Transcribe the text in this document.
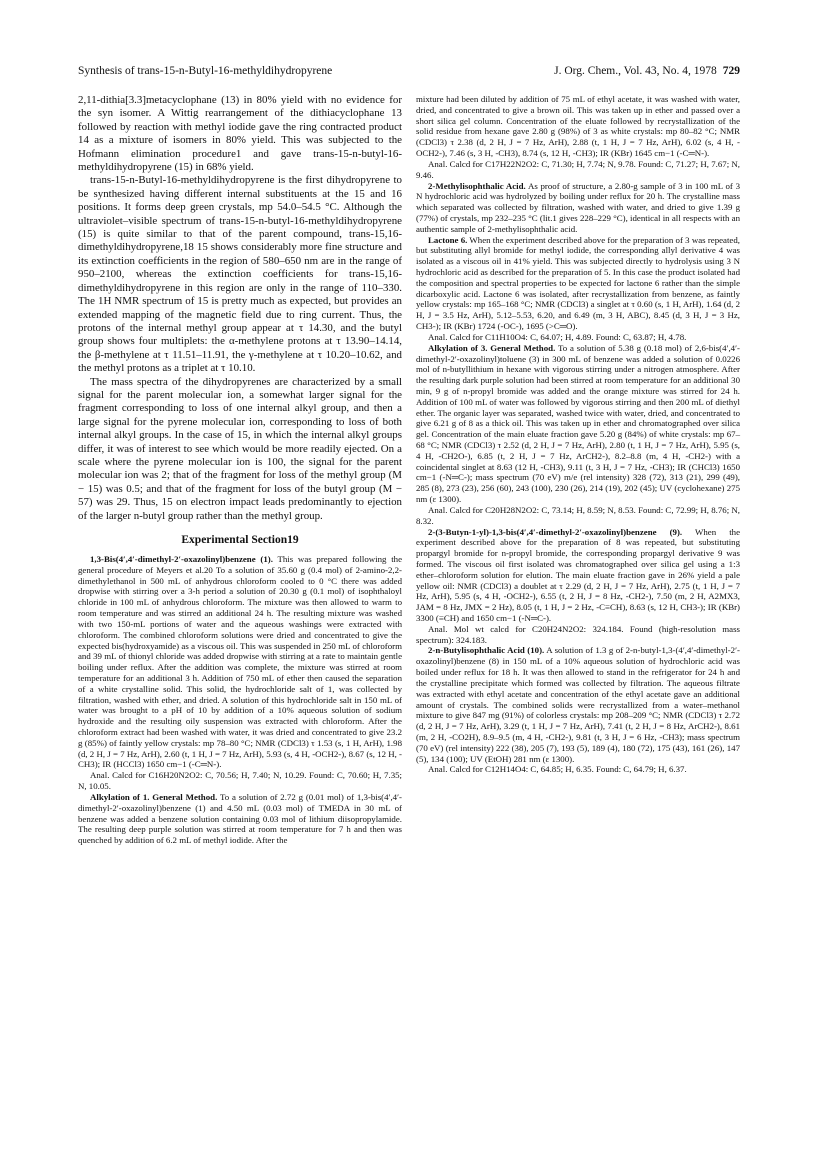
Synthesis of trans-15-n-Butyl-16-methyldihydropyrene	J. Org. Chem., Vol. 43, No. 4, 1978 729

2,11-dithia[3.3]metacyclophane (13) in 80% yield with no evidence for the syn isomer. A Wittig rearrangement of the dithiacyclophane 13 followed by reaction with methyl iodide gave the ring contracted product 14 as a mixture of isomers in 80% yield. This was subjected to the Hofmann elimination procedure1 and gave trans-15-n-butyl-16-methyldihydropyrene (15) in 68% yield.

trans-15-n-Butyl-16-methyldihydropyrene is the first dihydropyrene to be synthesized having different internal substituents at the 15 and 16 positions. It forms deep green crystals, mp 54.0–54.5 °C. Although the ultraviolet–visible spectrum of trans-15-n-butyl-16-methyldihydropyrene (15) is quite similar to that of the parent compound, trans-15,16-dimethyldihydropyrene,18 15 shows considerably more fine structure and its extinction coefficients in the region of 580–650 nm are in the range of 950–2100, whereas the extinction coefficients for trans-15,16-dimethyldihydropyrene in this region are only in the range of 110–330. The 1H NMR spectrum of 15 is pretty much as expected, but provides an extended mapping of the magnetic field due to ring current. Thus, the protons of the internal methyl group appear at τ 14.30, and the butyl group shows four multiplets: the α-methylene protons at τ 13.90–14.14, the β-methylene at τ 11.51–11.91, the γ-methylene at τ 10.20–10.62, and the methyl protons as a triplet at τ 10.10.

The mass spectra of the dihydropyrenes are characterized by a small signal for the parent molecular ion, a somewhat larger signal for the fragment corresponding to loss of one internal alkyl group, and then a large signal for the pyrene molecular ion, corresponding to loss of both internal alkyl groups. In the case of 15, in which the internal alkyl groups differ, it was of interest to see which would be more readily ejected. On a scale where the pyrene molecular ion is 100, the signal for the parent molecular ion was 2; that of the fragment for loss of the methyl group (M − 15) was 0.5; and that of the fragment for loss of the butyl group (M − 57) was 29. Thus, 15 on electron impact leads predominantly to ejection of the larger n-butyl group rather than the methyl group.

Experimental Section19

1,3-Bis(4′,4′-dimethyl-2′-oxazolinyl)benzene (1). This was prepared following the general procedure of Meyers et al.20 To a solution of 35.60 g (0.4 mol) of 2-amino-2,2-dimethylethanol in 500 mL of anhydrous chloroform cooled to 0 °C there was added dropwise with stirring over a 3-h period a solution of 20.30 g (0.1 mol) of isophthaloyl chloride in 100 mL of anhydrous chloroform. The mixture was then allowed to warm to room temperature and was stirred an additional 24 h. The resulting mixture was washed with two 150-mL portions of water and the aqueous washings were extracted with chloroform. The combined chloroform solutions were dried and concentrated to give the expected bis(hydroxyamide) as a viscous oil. This was suspended in 250 mL of chloroform and 39 mL of thionyl chloride was added dropwise with stirring at a rate to maintain gentle boiling under reflux. After the addition was complete, the mixture was stirred at room temperature for an additional 3 h. Addition of 750 mL of ether then caused the separation of a white crystalline solid. This solid, the hydrochloride salt of 1, was collected by filtration, washed with ether, and dried. A solution of this hydrochloride salt in 150 mL of water was brought to a pH of 10 by addition of a 10% aqueous solution of sodium hydroxide and the resulting oily suspension was extracted with chloroform. After the chloroform extract had been washed with water, it was dried and concentrated to give 23.2 g (85%) of faintly yellow crystals: mp 78–80 °C; NMR (CDCl3) τ 1.53 (s, 1 H, ArH), 1.98 (d, 2 H, J = 7 Hz, ArH), 2.60 (t, 1 H, J = 7 Hz, ArH), 5.93 (s, 4 H, -OCH2-), 8.67 (s, 12 H, -CH3); IR (HCCl3) 1650 cm−1 (-C═N-).

Anal. Calcd for C16H20N2O2: C, 70.56; H, 7.40; N, 10.29. Found: C, 70.60; H, 7.35; N, 10.05.

Alkylation of 1. General Method. To a solution of 2.72 g (0.01 mol) of 1,3-bis(4′,4′-dimethyl-2′-oxazolinyl)benzene (1) and 4.50 mL (0.03 mol) of TMEDA in 30 mL of benzene was added a benzene solution containing 0.03 mol of lithium diisopropylamide. The resulting deep purple solution was stirred at room temperature for 7 h and then was quenched by addition of 6.2 mL of methyl iodide. After the

mixture had been diluted by addition of 75 mL of ethyl acetate, it was washed with water, dried, and concentrated to give a brown oil. This was taken up in ether and passed over a short silica gel column. Concentration of the eluate followed by recrystallization of the solid residue from hexane gave 2.80 g (98%) of 3 as white crystals: mp 80–82 °C; NMR (CDCl3) τ 2.38 (d, 2 H, J = 7 Hz, ArH), 2.88 (t, 1 H, J = 7 Hz, ArH), 6.02 (s, 4 H, -OCH2-), 7.46 (s, 3 H, -CH3), 8.74 (s, 12 H, -CH3); IR (KBr) 1645 cm−1 (-C═N-).

Anal. Calcd for C17H22N2O2: C, 71.30; H, 7.74; N, 9.78. Found: C, 71.27; H, 7.67; N, 9.46.

2-Methylisophthalic Acid. As proof of structure, a 2.80-g sample of 3 in 100 mL of 3 N hydrochloric acid was hydrolyzed by boiling under reflux for 20 h. The crystalline mass which separated was collected by filtration, washed with water, and dried to give 1.39 g (77%) of crystals, mp 232–235 °C (lit.1 gives 228–229 °C), identical in all respects with an authentic sample of 2-methylisophthalic acid.

Lactone 6. When the experiment described above for the preparation of 3 was repeated, but substituting allyl bromide for methyl iodide, the corresponding allyl derivative 4 was isolated as a viscous oil in 41% yield. This was subjected directly to hydrolysis using 3 N hydrochloric acid as described for the preparation of 5. In this case the product isolated had the composition and spectral properties to be expected for lactone 6 rather than the simple dicarboxylic acid. Lactone 6 was isolated, after recrystallization from benzene, as faintly yellow crystals: mp 165–168 °C; NMR (CDCl3) a singlet at τ 0.60 (s, 1 H, ArH), 1.64 (d, 2 H, J = 3.5 Hz, ArH), 5.12–5.53, 6.20, and 6.49 (m, 3 H, ABC), 8.45 (d, 3 H, J = 3 Hz, CH3-); IR (KBr) 1724 (-OC-), 1695 (>C═O).

Anal. Calcd for C11H10O4: C, 64.07; H, 4.89. Found: C, 63.87; H, 4.78.

Alkylation of 3. General Method. To a solution of 5.38 g (0.18 mol) of 2,6-bis(4′,4′-dimethyl-2′-oxazolinyl)toluene (3) in 300 mL of benzene was added a solution of 0.0226 mol of n-butyllithium in hexane with vigorous stirring under a nitrogen atmosphere. After the resulting dark purple solution had been stirred at room temperature for an additional 30 min, 9 g of n-propyl bromide was added and the orange mixture was stirred for 24 h. Addition of 100 mL of water was followed by vigorous stirring and then 200 mL of diethyl ether. The organic layer was separated, washed twice with water, dried, and concentrated to give 6.21 g of 8 as a thick oil. This was taken up in ether and chromatographed over silica gel. Concentration of the main eluate fraction gave 5.20 g (84%) of white crystals: mp 67–68 °C; NMR (CDCl3) τ 2.52 (d, 2 H, J = 7 Hz, ArH), 2.80 (t, 1 H, J = 7 Hz, ArH), 5.95 (s, 4 H, -CH2O-), 6.85 (t, 2 H, J = 7 Hz, ArCH2-), 8.2–8.8 (m, 4 H, -CH2-) with a coincidental singlet at 8.63 (12 H, -CH3), 9.11 (t, 3 H, J = 7 Hz, -CH3); IR (CHCl3) 1650 cm−1 (-N═C-); mass spectrum (70 eV) m/e (rel intensity) 328 (72), 313 (21), 299 (49), 285 (8), 273 (23), 256 (60), 243 (100), 230 (26), 214 (19), 202 (45); UV (cyclohexane) 275 nm (ε 1300).

Anal. Calcd for C20H28N2O2: C, 73.14; H, 8.59; N, 8.53. Found: C, 72.99; H, 8.76; N, 8.32.

2-(3-Butyn-1-yl)-1,3-bis(4′,4′-dimethyl-2′-oxazolinyl)benzene (9). When the experiment described above for the preparation of 8 was repeated, but substituting propargyl bromide for n-propyl bromide, the corresponding propargyl derivative 9 was formed. The viscous oil first isolated was chromatographed over silica gel using a 1:3 ether–chloroform solution for elution. The main eluate fraction gave in 26% yield a pale yellow oil: NMR (CDCl3) a doublet at τ 2.29 (d, 2 H, J = 7 Hz, ArH), 2.75 (t, 1 H, J = 7 Hz, ArH), 5.95 (s, 4 H, -OCH2-), 6.55 (t, 2 H, J = 8 Hz, -CH2-), 7.50 (m, 2 H, A2MX3, JAM = 8 Hz, JMX = 2 Hz), 8.05 (t, 1 H, J = 2 Hz, -C≡CH), 8.63 (s, 12 H, CH3-); IR (KBr) 3300 (≡CH) and 1650 cm−1 (-N═C-).

Anal. Mol wt calcd for C20H24N2O2: 324.184. Found (high-resolution mass spectrum): 324.183.

2-n-Butylisophthalic Acid (10). A solution of 1.3 g of 2-n-butyl-1,3-(4′,4′-dimethyl-2′-oxazolinyl)benzene (8) in 150 mL of a 10% aqueous solution of hydrochloric acid was boiled under reflux for 18 h. It was then allowed to stand in the refrigerator for 24 h and the crystalline precipitate which formed was collected by filtration. The aqueous filtrate was extracted with ethyl acetate and concentration of the ethyl acetate gave an additional amount of crystals. The combined solids were recrystallized from a water–methanol mixture to give 847 mg (91%) of colorless crystals: mp 208–209 °C; NMR (CDCl3) τ 2.72 (d, 2 H, J = 7 Hz, ArH), 3.29 (t, 1 H, J = 7 Hz, ArH), 7.41 (t, 2 H, J = 8 Hz, ArCH2-), 8.61 (m, 2 H, -CO2H), 8.9–9.5 (m, 4 H, -CH2-), 9.81 (t, 3 H, J = 6 Hz, -CH3); mass spectrum (70 eV) (rel intensity) 222 (38), 205 (7), 193 (5), 189 (4), 180 (72), 175 (43), 161 (26), 147 (5), 134 (100); UV (EtOH) 281 nm (ε 1300).

Anal. Calcd for C12H14O4: C, 64.85; H, 6.35. Found: C, 64.79; H, 6.37.
